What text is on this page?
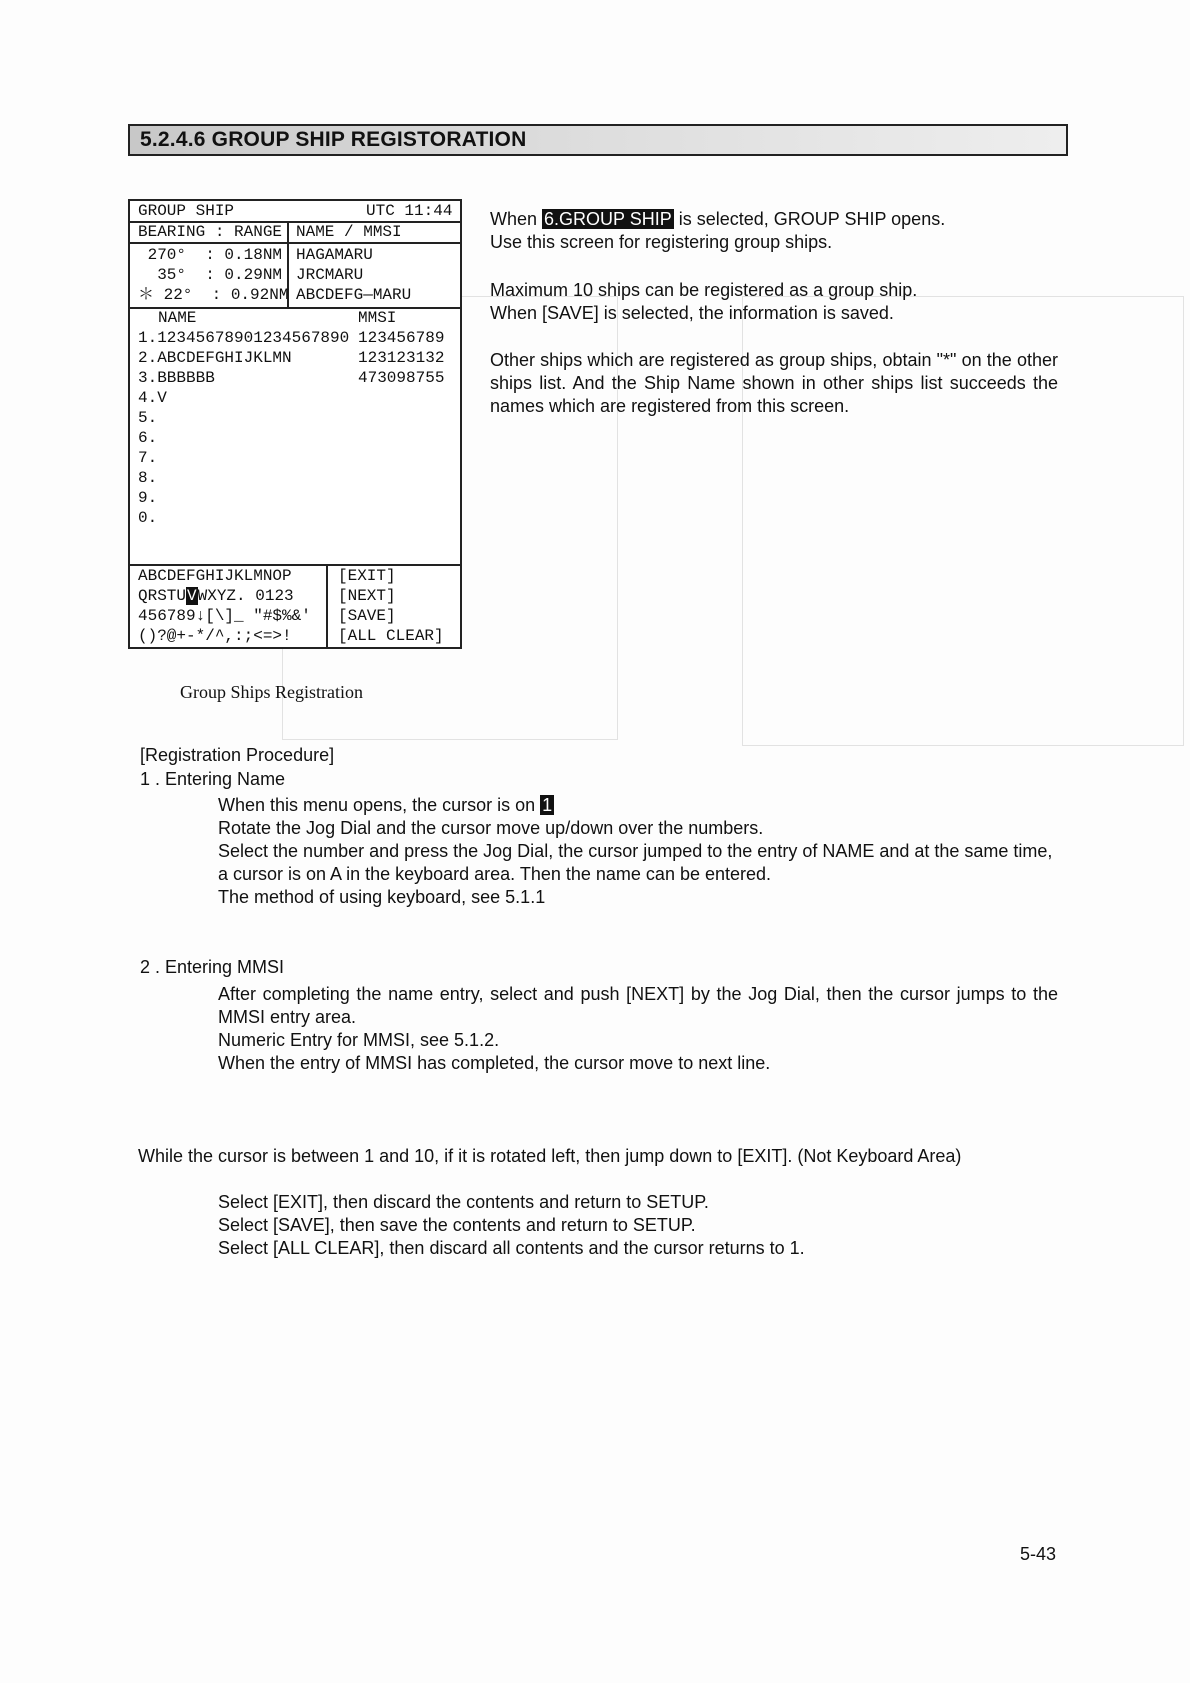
5.2.4.6 GROUP SHIP REGISTORATION
GROUP SHIP	UTC 11:44
BEARING : RANGE NAME / MMSI
270°  : 0.18NM HAGAMARU
35°  : 0.29NM JRCMARU
＊ 22°  : 0.92NM ABCDEFG—MARU
NAME	MMSI
1.12345678901234567890 123456789
2.ABCDEFGHIJKLMN	123123132
3.BBBBBB	473098755
4.V
5.
6.
7.
8.
9.
0.
ABCDEFGHIJKLMNOP
QRSTUVWXYZ. 0123
456789↓[\]_ "#$%&'
()?@+-*/^,:;<=>!
[EXIT]
[NEXT]
[SAVE]
[ALL CLEAR]
Group Ships Registration
When 6.GROUP SHIP is selected, GROUP SHIP opens.
Use this screen for registering group ships.
Maximum 10 ships can be registered as a group ship.
When [SAVE] is selected, the information is saved.
Other ships which are registered as group ships, obtain "*" on the other ships list. And the Ship Name shown in other ships list succeeds the names which are registered from this screen.
[Registration Procedure]
1 . Entering Name
When this menu opens, the cursor is on 1
Rotate the Jog Dial and the cursor move up/down over the numbers.
Select the number and press the Jog Dial, the cursor jumped to the entry of NAME and at the same time, a cursor is on A in the keyboard area. Then the name can be entered.
The method of using keyboard, see 5.1.1
2 . Entering MMSI
After completing the name entry, select and push [NEXT] by the Jog Dial, then the cursor jumps to the MMSI entry area.
Numeric Entry for MMSI, see 5.1.2.
When the entry of MMSI has completed, the cursor move to next line.
While the cursor is between 1 and 10, if it is rotated left, then jump down to [EXIT]. (Not Keyboard Area)
Select [EXIT], then discard the contents and return to SETUP.
Select [SAVE], then save the contents and return to SETUP.
Select [ALL CLEAR], then discard all contents and the cursor returns to 1.
5-43
